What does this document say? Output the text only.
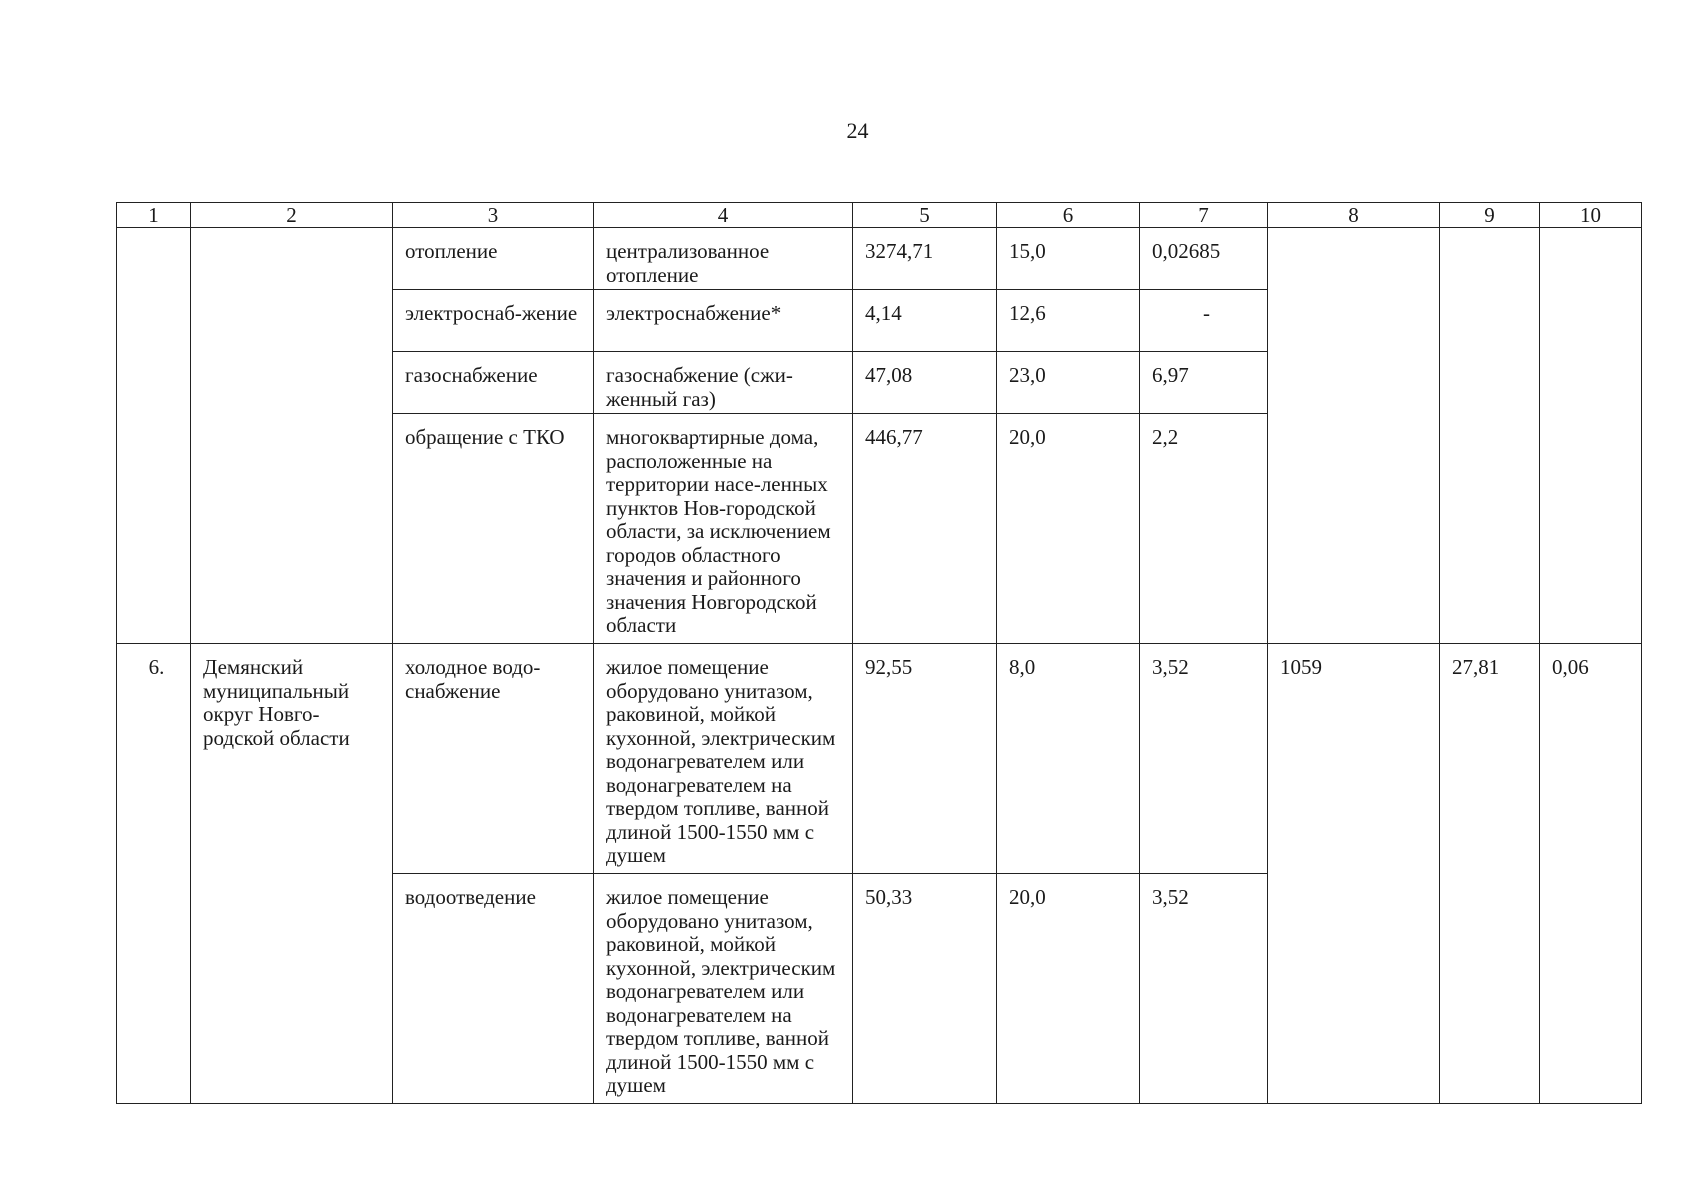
24
1	2	3	4	5	6	7	8	9	10
		отопление	централизованное отопление	3274,71	15,0	0,02685			
		электроснаб-жение	электроснабжение*	4,14	12,6	-			
		газоснабжение	газоснабжение (сжи-женный газ)	47,08	23,0	6,97			
		обращение с ТКО	многоквартирные дома, расположенные на территории насе-ленных пунктов Нов-городской области, за исключением городов областного значения и районного значения Новгородской области	446,77	20,0	2,2			
6.	Демянский муниципальный округ Новго-родской области	холодное водо-снабжение	жилое помещение оборудовано унитазом, раковиной, мойкой кухонной, электрическим водонагревателем или водонагревателем на твердом топливе, ванной длиной 1500-1550 мм с душем	92,55	8,0	3,52	1059	27,81	0,06
		водоотведение	жилое помещение оборудовано унитазом, раковиной, мойкой кухонной, электрическим водонагревателем или водонагревателем на твердом топливе, ванной длиной 1500-1550 мм с душем	50,33	20,0	3,52			
